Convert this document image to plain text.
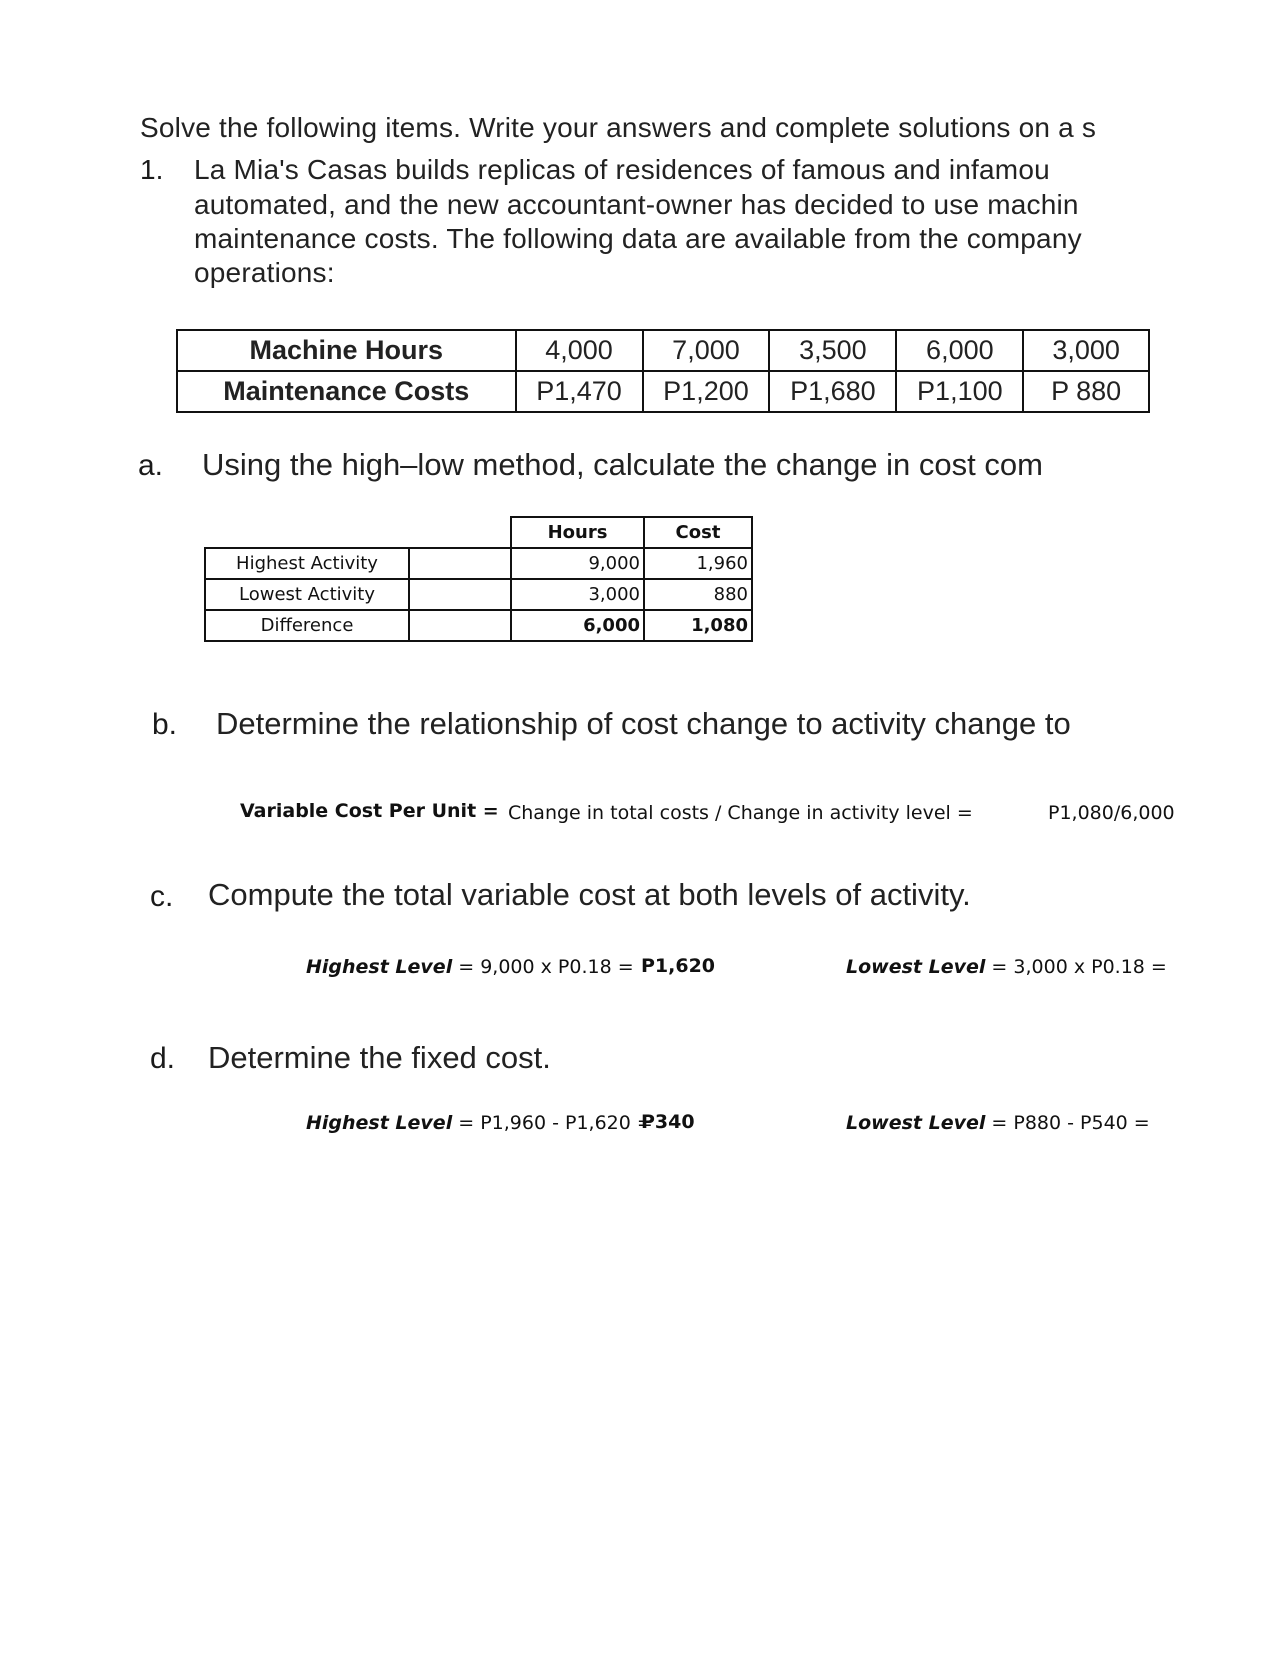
Solve the following items. Write your answers and complete solutions on a s
1. La Mia's Casas builds replicas of residences of famous and infamou
automated, and the new accountant-owner has decided to use machin
maintenance costs. The following data are available from the company
operations:
Machine Hours	4,000	7,000	3,500	6,000	3,000
Maintenance Costs	P1,470	P1,200	P1,680	P1,100	P 880
a. Using the high–low method, calculate the change in cost com
		Hours	Cost
Highest Activity		9,000	1,960
Lowest Activity		3,000	880
Difference		6,000	1,080
b. Determine the relationship of cost change to activity change to
Variable Cost Per Unit = Change in total costs / Change in activity level =	P1,080/6,000
c. Compute the total variable cost at both levels of activity.
Highest Level = 9,000 x P0.18 = P1,620	Lowest Level = 3,000 x P0.18 =
d. Determine the fixed cost.
Highest Level = P1,960 - P1,620 =
P340	Lowest Level = P880 - P540 =
